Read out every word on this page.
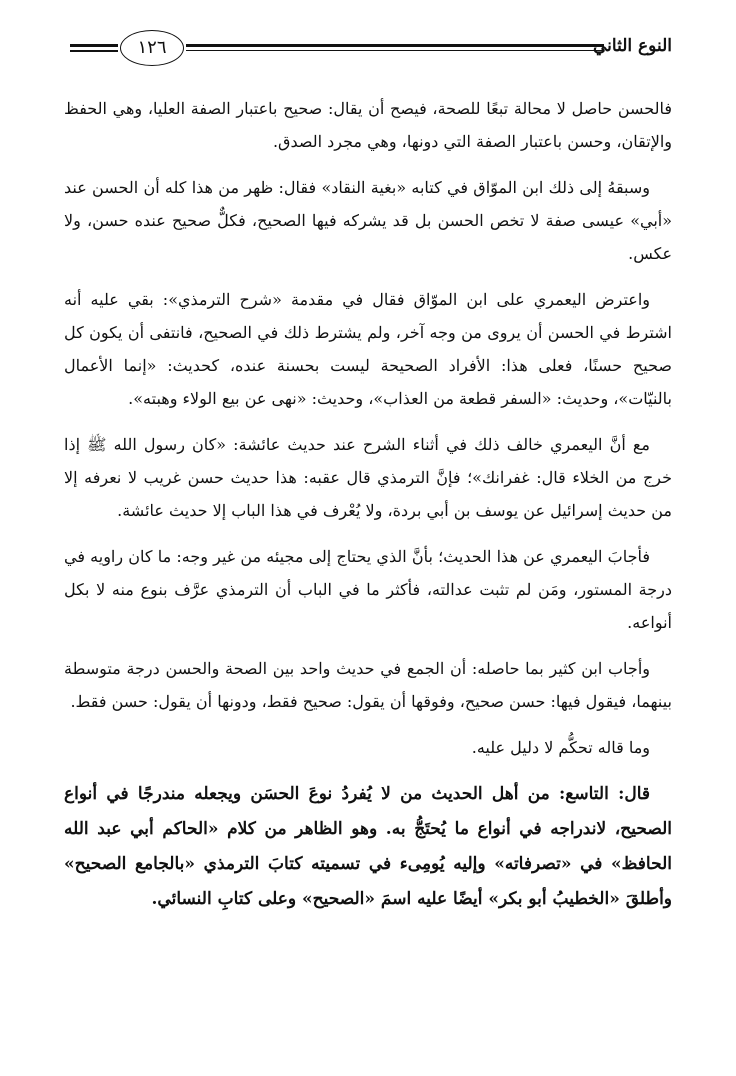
١٢٦	النوع الثاني

فالحسن حاصل لا محالة تبعًا للصحة، فيصح أن يقال: صحيح باعتبار الصفة العليا، وهي الحفظ والإتقان، وحسن باعتبار الصفة التي دونها، وهي مجرد الصدق.

وسبقهُ إلى ذلك ابن الموّاق في كتابه «بغية النقاد» فقال: ظهر من هذا كله أن الحسن عند «أبي» عيسى صفة لا تخص الحسن بل قد يشركه فيها الصحيح، فكلٌّ صحيح عنده حسن، ولا عكس.

واعترض اليعمري على ابن الموّاق فقال في مقدمة «شرح الترمذي»: بقي عليه أنه اشترط في الحسن أن يروى من وجه آخر، ولم يشترط ذلك في الصحيح، فانتفى أن يكون كل صحيح حسنًا، فعلى هذا: الأفراد الصحيحة ليست بحسنة عنده، كحديث: «إنما الأعمال بالنيّات»، وحديث: «السفر قطعة من العذاب»، وحديث: «نهى عن بيع الولاء وهبته».

مع أنَّ اليعمري خالف ذلك في أثناء الشرح عند حديث عائشة: «كان رسول الله ﷺ إذا خرج من الخلاء قال: غفرانك»؛ فإنَّ الترمذي قال عقبه: هذا حديث حسن غريب لا نعرفه إلا من حديث إسرائيل عن يوسف بن أبي بردة، ولا يُعْرف في هذا الباب إلا حديث عائشة.

فأجابَ اليعمري عن هذا الحديث؛ بأنَّ الذي يحتاج إلى مجيئه من غير وجه: ما كان راويه في درجة المستور، ومَن لم تثبت عدالته، فأكثر ما في الباب أن الترمذي عرَّف بنوع منه لا بكل أنواعه.

وأجاب ابن كثير بما حاصله: أن الجمع في حديث واحد بين الصحة والحسن درجة متوسطة بينهما، فيقول فيها: حسن صحيح، وفوقها أن يقول: صحيح فقط، ودونها أن يقول: حسن فقط.

وما قاله تحكُّم لا دليل عليه.

قال: التاسع: من أهل الحديث من لا يُفردُ نوعَ الحسَن ويجعله مندرجًا في أنواع الصحيح، لاندراجه في أنواع ما يُحتَجُّ به. وهو الظاهر من كلام «الحاكم أبي عبد الله الحافظ» في «تصرفاته» وإليه يُومِىء في تسميته كتابَ الترمذي «بالجامع الصحيح» وأطلقَ «الخطيبُ أبو بكر» أيضًا عليه اسمَ «الصحيح» وعلى كتابِ النسائي.
